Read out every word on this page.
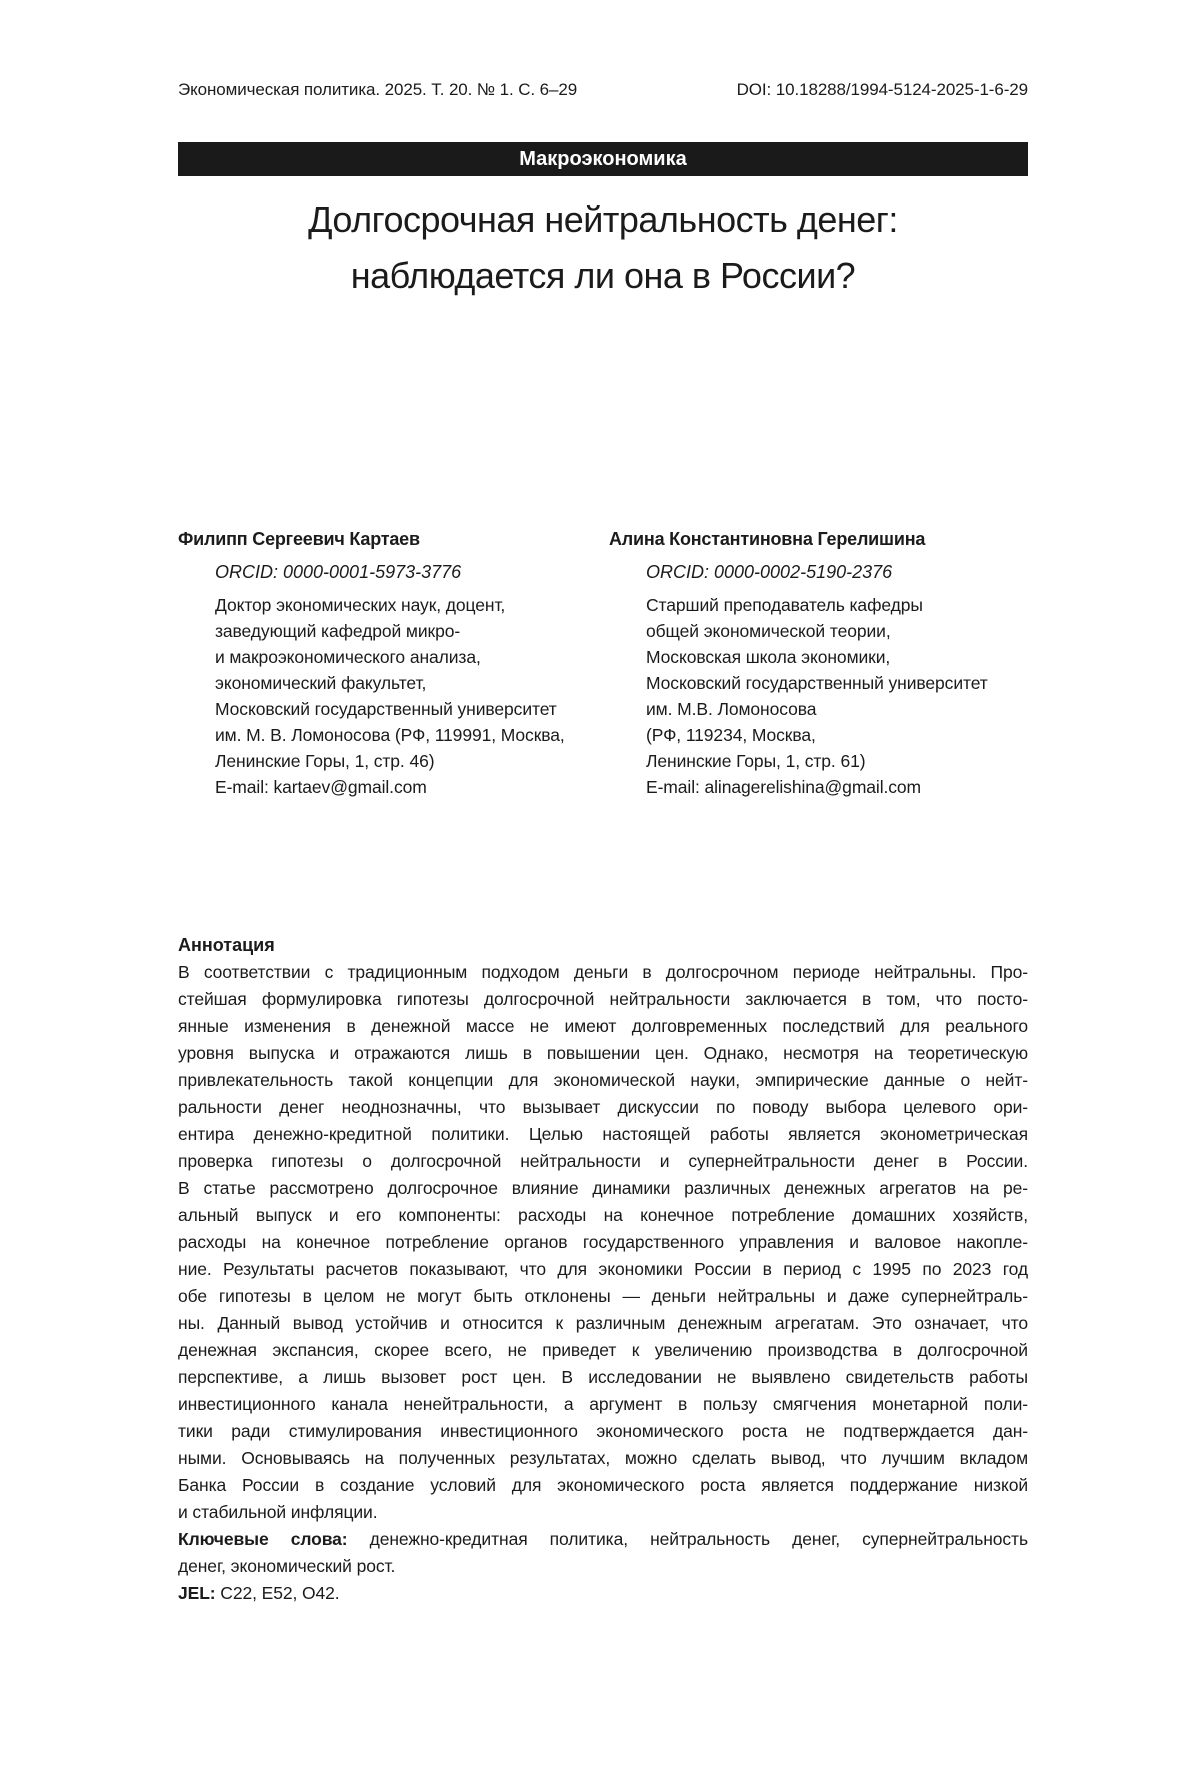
Экономическая политика. 2025. Т. 20. № 1. С. 6–29	DOI: 10.18288/1994-5124-2025-1-6-29
Макроэкономика
Долгосрочная нейтральность денег:
наблюдается ли она в России?
Филипп Сергеевич Картаев
ORCID: 0000-0001-5973-3776
Доктор экономических наук, доцент,
заведующий кафедрой микро-
и макроэкономического анализа,
экономический факультет,
Московский государственный университет
им. М. В. Ломоносова (РФ, 119991, Москва,
Ленинские Горы, 1, стр. 46)
E-mail: kartaev@gmail.com
Алина Константиновна Герелишина
ORCID: 0000-0002-5190-2376
Старший преподаватель кафедры
общей экономической теории,
Московская школа экономики,
Московский государственный университет
им. М.В. Ломоносова
(РФ, 119234, Москва,
Ленинские Горы, 1, стр. 61)
E-mail: alinagerelishina@gmail.com
Аннотация
В соответствии с традиционным подходом деньги в долгосрочном периоде нейтральны. Про-
стейшая формулировка гипотезы долгосрочной нейтральности заключается в том, что посто-
янные изменения в денежной массе не имеют долговременных последствий для реального
уровня выпуска и отражаются лишь в повышении цен. Однако, несмотря на теоретическую
привлекательность такой концепции для экономической науки, эмпирические данные о нейт-
ральности денег неоднозначны, что вызывает дискуссии по поводу выбора целевого ори-
ентира денежно-кредитной политики. Целью настоящей работы является эконометрическая
проверка гипотезы о долгосрочной нейтральности и супернейтральности денег в России.
В статье рассмотрено долгосрочное влияние динамики различных денежных агрегатов на ре-
альный выпуск и его компоненты: расходы на конечное потребление домашних хозяйств,
расходы на конечное потребление органов государственного управления и валовое накопле-
ние. Результаты расчетов показывают, что для экономики России в период с 1995 по 2023 год
обе гипотезы в целом не могут быть отклонены — деньги нейтральны и даже супернейтраль-
ны. Данный вывод устойчив и относится к различным денежным агрегатам. Это означает, что
денежная экспансия, скорее всего, не приведет к увеличению производства в долгосрочной
перспективе, а лишь вызовет рост цен. В исследовании не выявлено свидетельств работы
инвестиционного канала ненейтральности, а аргумент в пользу смягчения монетарной поли-
тики ради стимулирования инвестиционного экономического роста не подтверждается дан-
ными. Основываясь на полученных результатах, можно сделать вывод, что лучшим вкладом
Банка России в создание условий для экономического роста является поддержание низкой
и стабильной инфляции.
Ключевые слова: денежно-кредитная политика, нейтральность денег, супернейтральность
денег, экономический рост.
JEL: C22, E52, O42.
